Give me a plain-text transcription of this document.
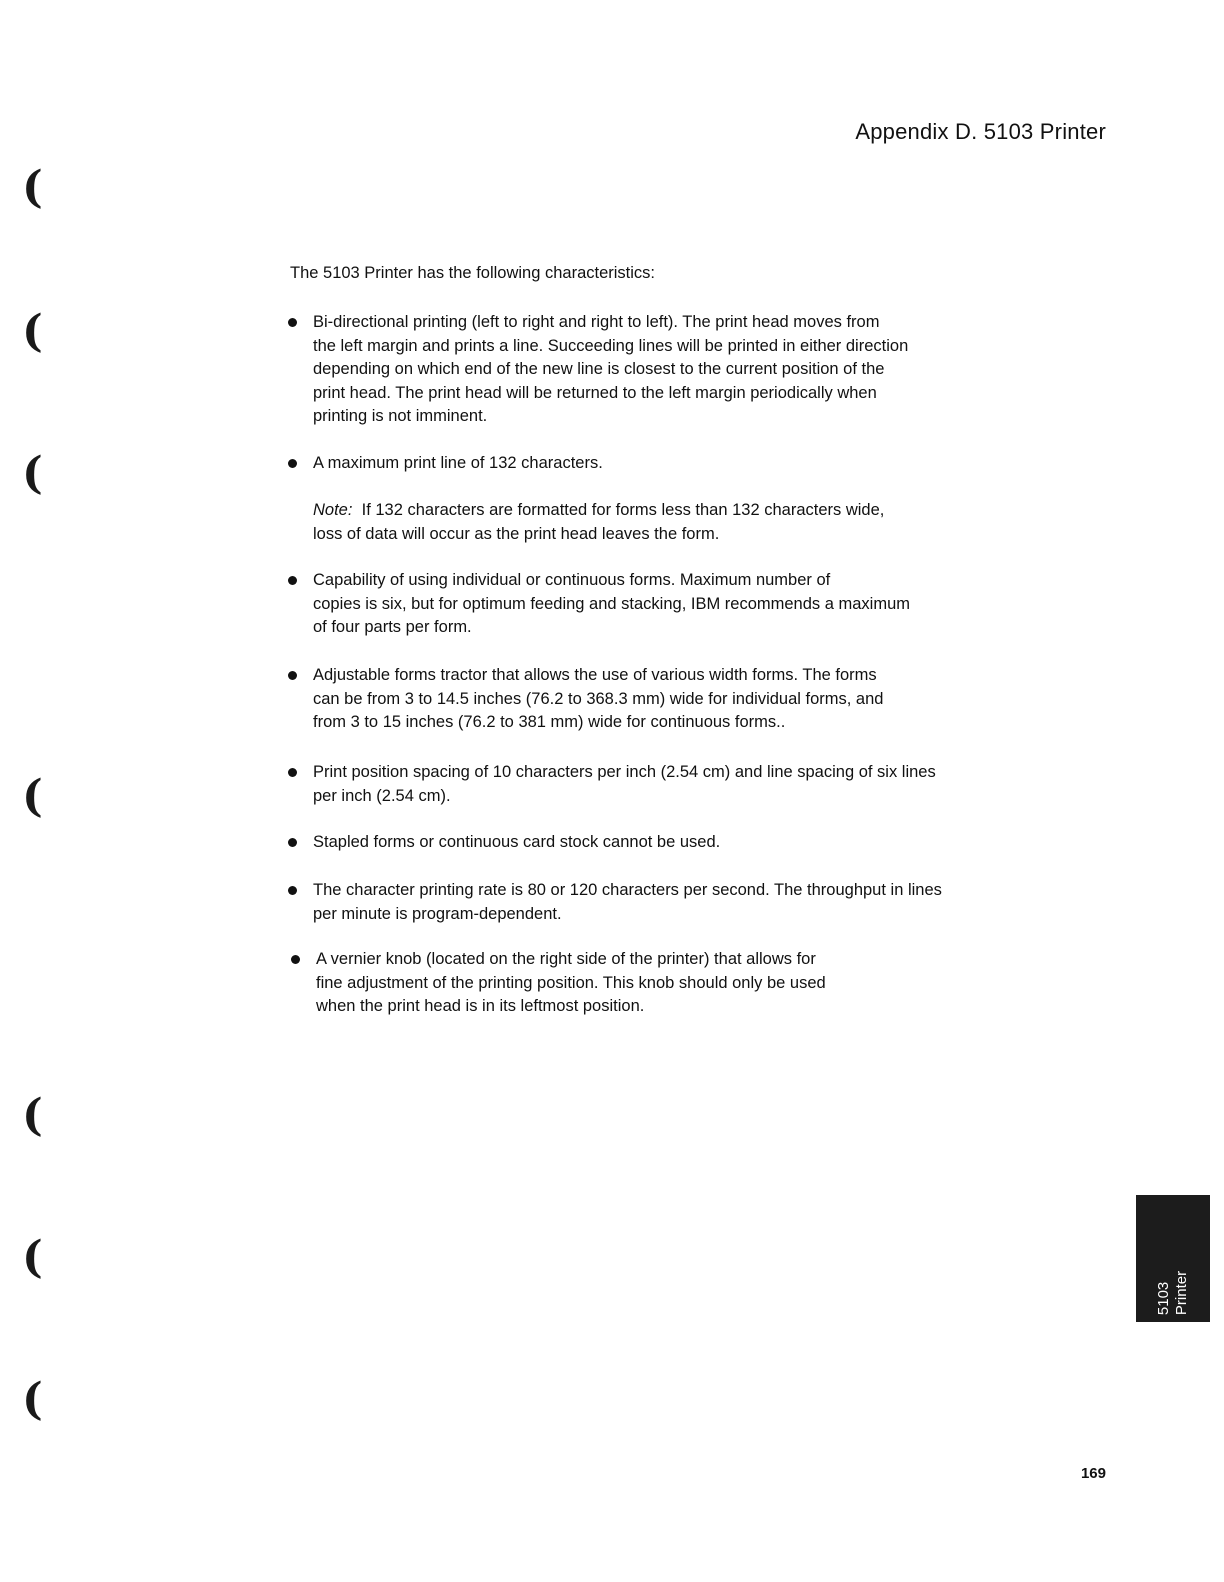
Appendix D. 5103 Printer

The 5103 Printer has the following characteristics:

Bi-directional printing (left to right and right to left). The print head moves from
the left margin and prints a line. Succeeding lines will be printed in either direction
depending on which end of the new line is closest to the current position of the
print head. The print head will be returned to the left margin periodically when
printing is not imminent.
A maximum print line of 132 characters.
Capability of using individual or continuous forms. Maximum number of
copies is six, but for optimum feeding and stacking, IBM recommends a maximum
of four parts per form.
Adjustable forms tractor that allows the use of various width forms. The forms
can be from 3 to 14.5 inches (76.2 to 368.3 mm) wide for individual forms, and
from 3 to 15 inches (76.2 to 381 mm) wide for continuous forms..
Print position spacing of 10 characters per inch (2.54 cm) and line spacing of six lines
per inch (2.54 cm).
Stapled forms or continuous card stock cannot be used.
The character printing rate is 80 or 120 characters per second. The throughput in lines
per minute is program-dependent.
A vernier knob (located on the right side of the printer) that allows for
fine adjustment of the printing position. This knob should only be used
when the print head is in its leftmost position.
Note: If 132 characters are formatted for forms less than 132 characters wide,
loss of data will occur as the print head leaves the form.
(
(
(
(
(
(
(
5103 Printer

169
